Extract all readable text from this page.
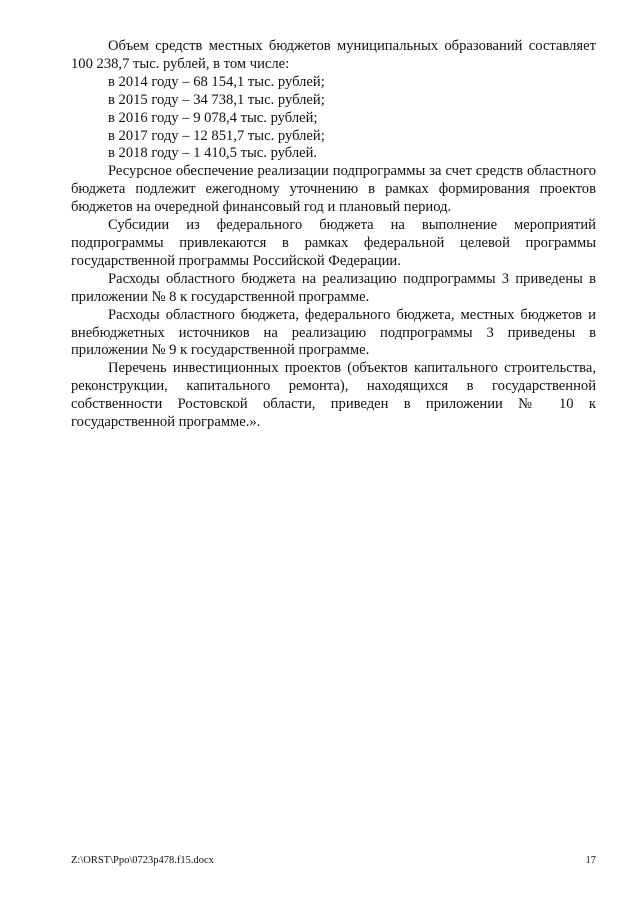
Объем средств местных бюджетов муниципальных образований составляет 100 238,7 тыс. рублей, в том числе:

в 2014 году – 68 154,1 тыс. рублей;

в 2015 году – 34 738,1 тыс. рублей;

в 2016 году – 9 078,4 тыс. рублей;

в 2017 году – 12 851,7 тыс. рублей;

в 2018 году – 1 410,5 тыс. рублей.

Ресурсное обеспечение реализации подпрограммы за счет средств областного бюджета подлежит ежегодному уточнению в рамках формирования проектов бюджетов на очередной финансовый год и плановый период.

Субсидии из федерального бюджета на выполнение мероприятий подпрограммы привлекаются в рамках федеральной целевой программы государственной программы Российской Федерации.

Расходы областного бюджета на реализацию подпрограммы 3 приведены в приложении № 8 к государственной программе.

Расходы областного бюджета, федерального бюджета, местных бюджетов и внебюджетных источников на реализацию подпрограммы 3 приведены в приложении № 9 к государственной программе.

Перечень инвестиционных проектов (объектов капитального строительства, реконструкции, капитального ремонта), находящихся в государственной собственности Ростовской области, приведен в приложении № 10 к государственной программе.».

Z:\ORST\Ppo\0723p478.f15.docx	17
